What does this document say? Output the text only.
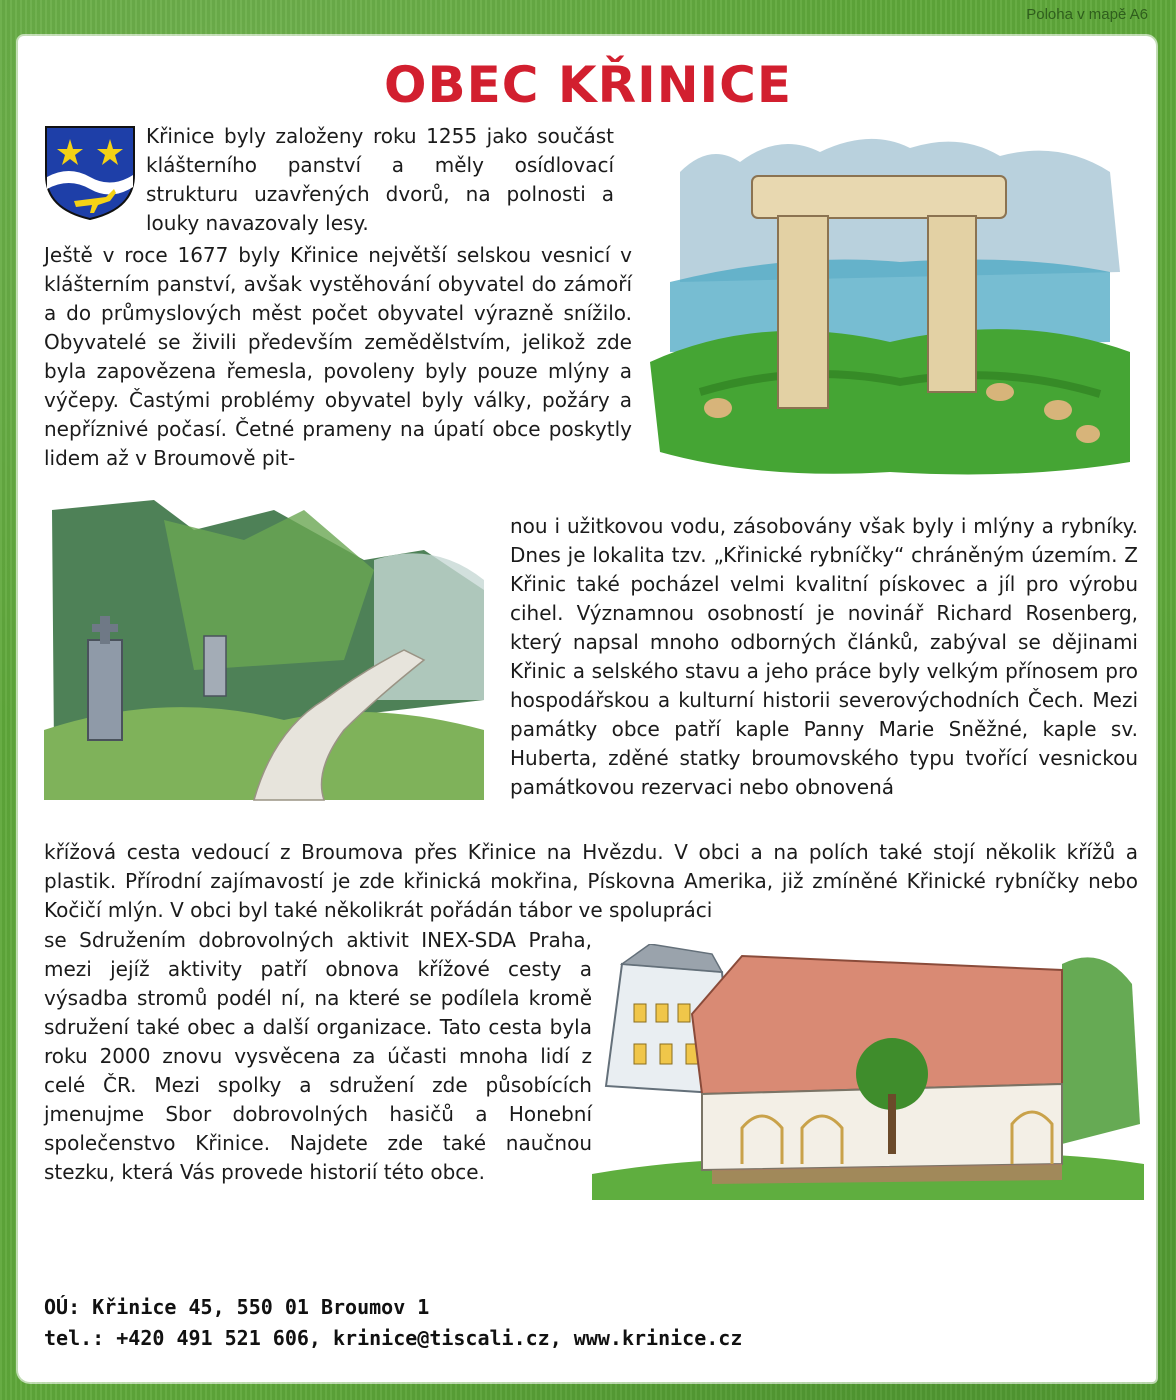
Poloha v mapě A6
OBEC KŘINICE

Křinice byly založeny roku 1255 jako součást klášterního panství a měly osídlovací strukturu uzavřených dvorů, na polnosti a louky navazovaly lesy.

Ještě v roce 1677 byly Křinice největší selskou vesnicí v klášterním panství, avšak vystěhování obyvatel do zámoří a do průmyslových měst počet obyvatel výrazně snížilo. Obyvatelé se živili především zemědělstvím, jelikož zde byla zapovězena řemesla, povoleny byly pouze mlýny a výčepy. Častými problémy obyvatel byly války, požáry a nepříznivé počasí. Četné prameny na úpatí obce poskytly lidem až v Broumově pit-

nou i užitkovou vodu, zásobovány však byly i mlýny a rybníky. Dnes je lokalita tzv. „Křinické rybníčky“ chráněným územím. Z Křinic také pocházel velmi kvalitní pískovec a jíl pro výrobu cihel. Významnou osobností je novinář Richard Rosenberg, který napsal mnoho odborných článků, zabýval se dějinami Křinic a selského stavu a jeho práce byly velkým přínosem pro hospodářskou a kulturní historii severovýchodních Čech. Mezi památky obce patří kaple Panny Marie Sněžné, kaple sv. Huberta, zděné statky broumovského typu tvořící vesnickou památkovou rezervaci nebo obnovená

křížová cesta vedoucí z Broumova přes Křinice na Hvězdu. V obci a na polích také stojí několik křížů a plastik. Přírodní zajímavostí je zde křinická mokřina, Pískovna Amerika, již zmíněné Křinické rybníčky nebo Kočičí mlýn. V obci byl také několikrát pořádán tábor ve spolupráci

se Sdružením dobrovolných aktivit INEX-SDA Praha, mezi jejíž aktivity patří obnova křížové cesty a výsadba stromů podél ní, na které se podílela kromě sdružení také obec a další organizace. Tato cesta byla roku 2000 znovu vysvěcena za účasti mnoha lidí z celé ČR. Mezi spolky a sdružení zde působících jmenujme Sbor dobrovolných hasičů a Honební společenstvo Křinice. Najdete zde také naučnou stezku, která Vás provede historií této obce.

OÚ: Křinice 45, 550 01 Broumov 1
tel.: +420 491 521 606, krinice@tiscali.cz, www.krinice.cz
